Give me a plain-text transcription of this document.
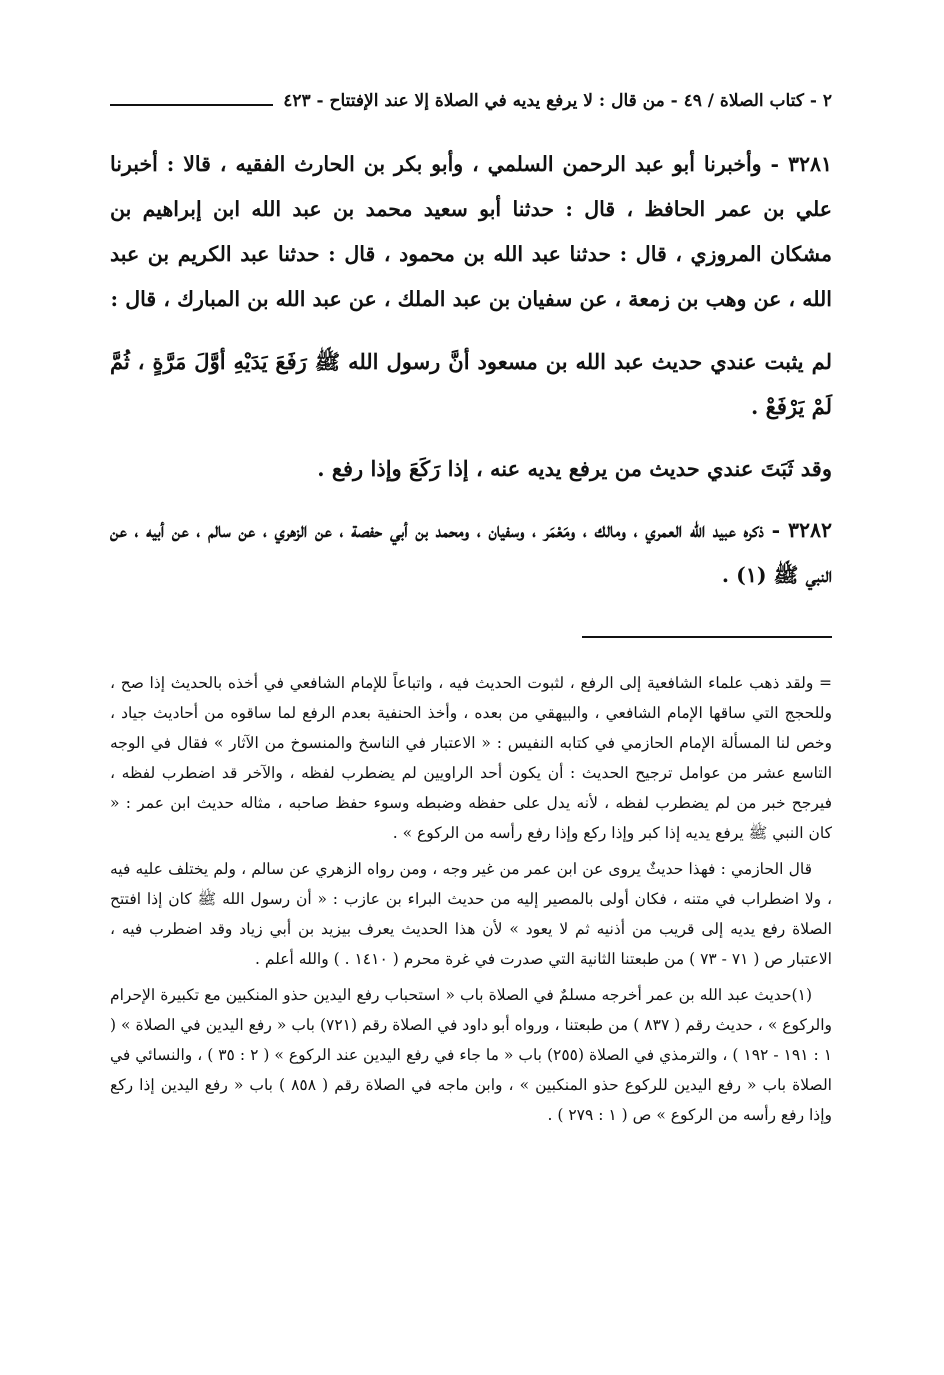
٢ - كتاب الصلاة / ٤٩ - من قال : لا يرفع يديه في الصلاة إلا عند الإفتتاح - ٤٢٣

٣٢٨١ - وأخبرنا أبو عبد الرحمن السلمي ، وأبو بكر بن الحارث الفقيه ، قالا : أخبرنا علي بن عمر الحافظ ، قال : حدثنا أبو سعيد محمد بن عبد الله ابن إبراهيم بن مشكان المروزي ، قال : حدثنا عبد الله بن محمود ، قال : حدثنا عبد الكريم بن عبد الله ، عن وهب بن زمعة ، عن سفيان بن عبد الملك ، عن عبد الله بن المبارك ، قال :

لم يثبت عندي حديث عبد الله بن مسعود أنَّ رسول الله ﷺ رَفَعَ يَدَيْهِ أوَّلَ مَرَّةٍ ، ثُمَّ لَمْ يَرْفَعْ .

وقد ثَبَتَ عندي حديث من يرفع يديه عنه ، إذا رَكَعَ وإذا رفع .

٣٢٨٢ - ذكره عبيد الله العمري ، ومالك ، ومَعْمَر ، وسفيان ، ومحمد بن أبي حفصة ، عن الزهري ، عن سالم ، عن أبيه ، عن النبي ﷺ (١) .

= ولقد ذهب علماء الشافعية إلى الرفع ، لثبوت الحديث فيه ، واتباعاً للإمام الشافعي في أخذه بالحديث إذا صح ، وللحجج التي ساقها الإمام الشافعي ، والبيهقي من بعده ، وأخذ الحنفية بعدم الرفع لما ساقوه من أحاديث جياد ، وخص لنا المسألة الإمام الحازمي في كتابه النفيس : « الاعتبار في الناسخ والمنسوخ من الآثار » فقال في الوجه التاسع عشر من عوامل ترجيح الحديث : أن يكون أحد الراويين لم يضطرب لفظه ، والآخر قد اضطرب لفظه ، فيرجح خبر من لم يضطرب لفظه ، لأنه يدل على حفظه وضبطه وسوء حفظ صاحبه ، مثاله حديث ابن عمر : « كان النبي ﷺ يرفع يديه إذا كبر وإذا ركع وإذا رفع رأسه من الركوع » .

قال الحازمي : فهذا حديثٌ يروى عن ابن عمر من غير وجه ، ومن رواه الزهري عن سالم ، ولم يختلف عليه فيه ، ولا اضطراب في متنه ، فكان أولى بالمصير إليه من حديث البراء بن عازب : « أن رسول الله ﷺ كان إذا افتتح الصلاة رفع يديه إلى قريب من أذنيه ثم لا يعود » لأن هذا الحديث يعرف بيزيد بن أبي زياد وقد اضطرب فيه ، الاعتبار ص ( ٧١ - ٧٣ ) من طبعتنا الثانية التي صدرت في غرة محرم ( ١٤١٠ . ) والله أعلم .

(١)حديث عبد الله بن عمر أخرجه مسلمٌ في الصلاة باب « استحباب رفع اليدين حذو المنكبين مع تكبيرة الإحرام والركوع » ، حديث رقم ( ٨٣٧ ) من طبعتنا ، ورواه أبو داود في الصلاة رقم (٧٢١) باب « رفع اليدين في الصلاة » ( ١ : ١٩١ - ١٩٢ ) ، والترمذي في الصلاة (٢٥٥) باب « ما جاء في رفع اليدين عند الركوع » ( ٢ : ٣٥ ) ، والنسائي في الصلاة باب « رفع اليدين للركوع حذو المنكبين » ، وابن ماجه في الصلاة رقم ( ٨٥٨ ) باب « رفع اليدين إذا ركع وإذا رفع رأسه من الركوع » ص ( ١ : ٢٧٩ ) .
